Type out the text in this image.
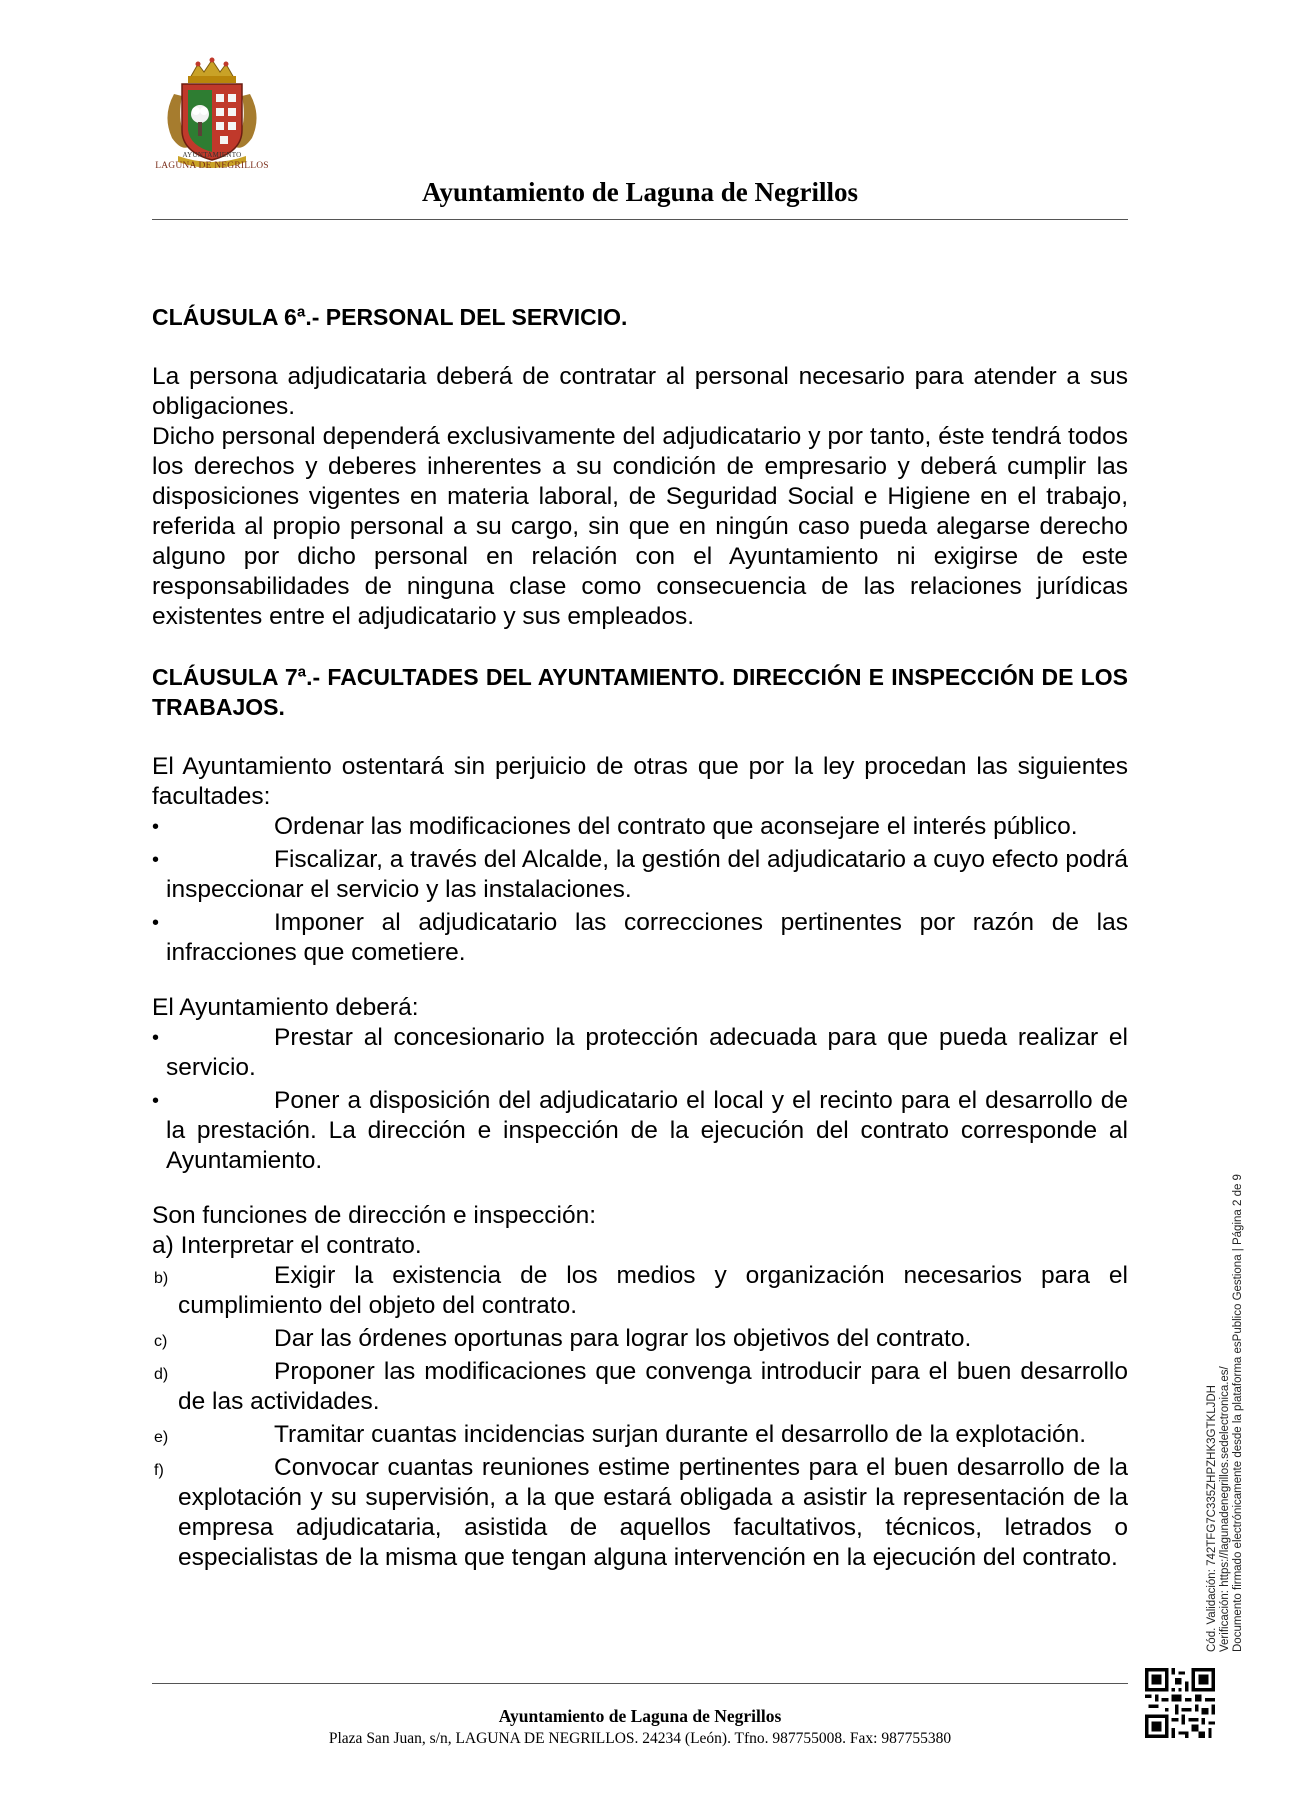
AYUNTAMIENTO
LAGUNA DE NEGRILLOS
Ayuntamiento de Laguna de Negrillos

CLÁUSULA 6ª.- PERSONAL DEL SERVICIO.

La persona adjudicataria deberá de contratar al personal necesario para atender a sus obligaciones.

Dicho personal dependerá exclusivamente del adjudicatario y por tanto, éste tendrá todos los derechos y deberes inherentes a su condición de empresario y deberá cumplir las disposiciones vigentes en materia laboral, de Seguridad Social e Higiene en el trabajo, referida al propio personal a su cargo, sin que en ningún caso pueda alegarse derecho alguno por dicho personal en relación con el Ayuntamiento ni exigirse de este responsabilidades de ninguna clase como consecuencia de las relaciones jurídicas existentes entre el adjudicatario y sus empleados.

CLÁUSULA 7ª.- FACULTADES DEL AYUNTAMIENTO. DIRECCIÓN E INSPECCIÓN DE LOS TRABAJOS.

El Ayuntamiento ostentará sin perjuicio de otras que por la ley procedan las siguientes facultades:

•	Ordenar las modificaciones del contrato que aconsejare el interés público.
•	Fiscalizar, a través del Alcalde, la gestión del adjudicatario a cuyo efecto podrá inspeccionar el servicio y las instalaciones.
•	Imponer al adjudicatario las correcciones pertinentes por razón de las infracciones que cometiere.

El Ayuntamiento deberá:

•	Prestar al concesionario la protección adecuada para que pueda realizar el servicio.
•	Poner a disposición del adjudicatario el local y el recinto para el desarrollo de la prestación. La dirección e inspección de la ejecución del contrato corresponde al Ayuntamiento.

Son funciones de dirección e inspección:

a) Interpretar el contrato.

b)	Exigir la existencia de los medios y organización necesarios para el cumplimiento del objeto del contrato.
c)	Dar las órdenes oportunas para lograr los objetivos del contrato.
d)	Proponer las modificaciones que convenga introducir para el buen desarrollo de las actividades.
e)	Tramitar cuantas incidencias surjan durante el desarrollo de la explotación.
f)	Convocar cuantas reuniones estime pertinentes para el buen desarrollo de la explotación y su supervisión, a la que estará obligada a asistir la representación de la empresa adjudicataria, asistida de aquellos facultativos, técnicos, letrados o especialistas de la misma que tengan alguna intervención en la ejecución del contrato.
Ayuntamiento de Laguna de Negrillos
Plaza San Juan, s/n, LAGUNA DE NEGRILLOS. 24234 (León). Tfno. 987755008. Fax: 987755380
Cód. Validación: 742TFG7C335ZHPZHK3GTKLJDH Verificación: https://lagunadenegrillos.sedelectronica.es/ Documento firmado electrónicamente desde la plataforma esPublico Gestiona | Página 2 de 9
